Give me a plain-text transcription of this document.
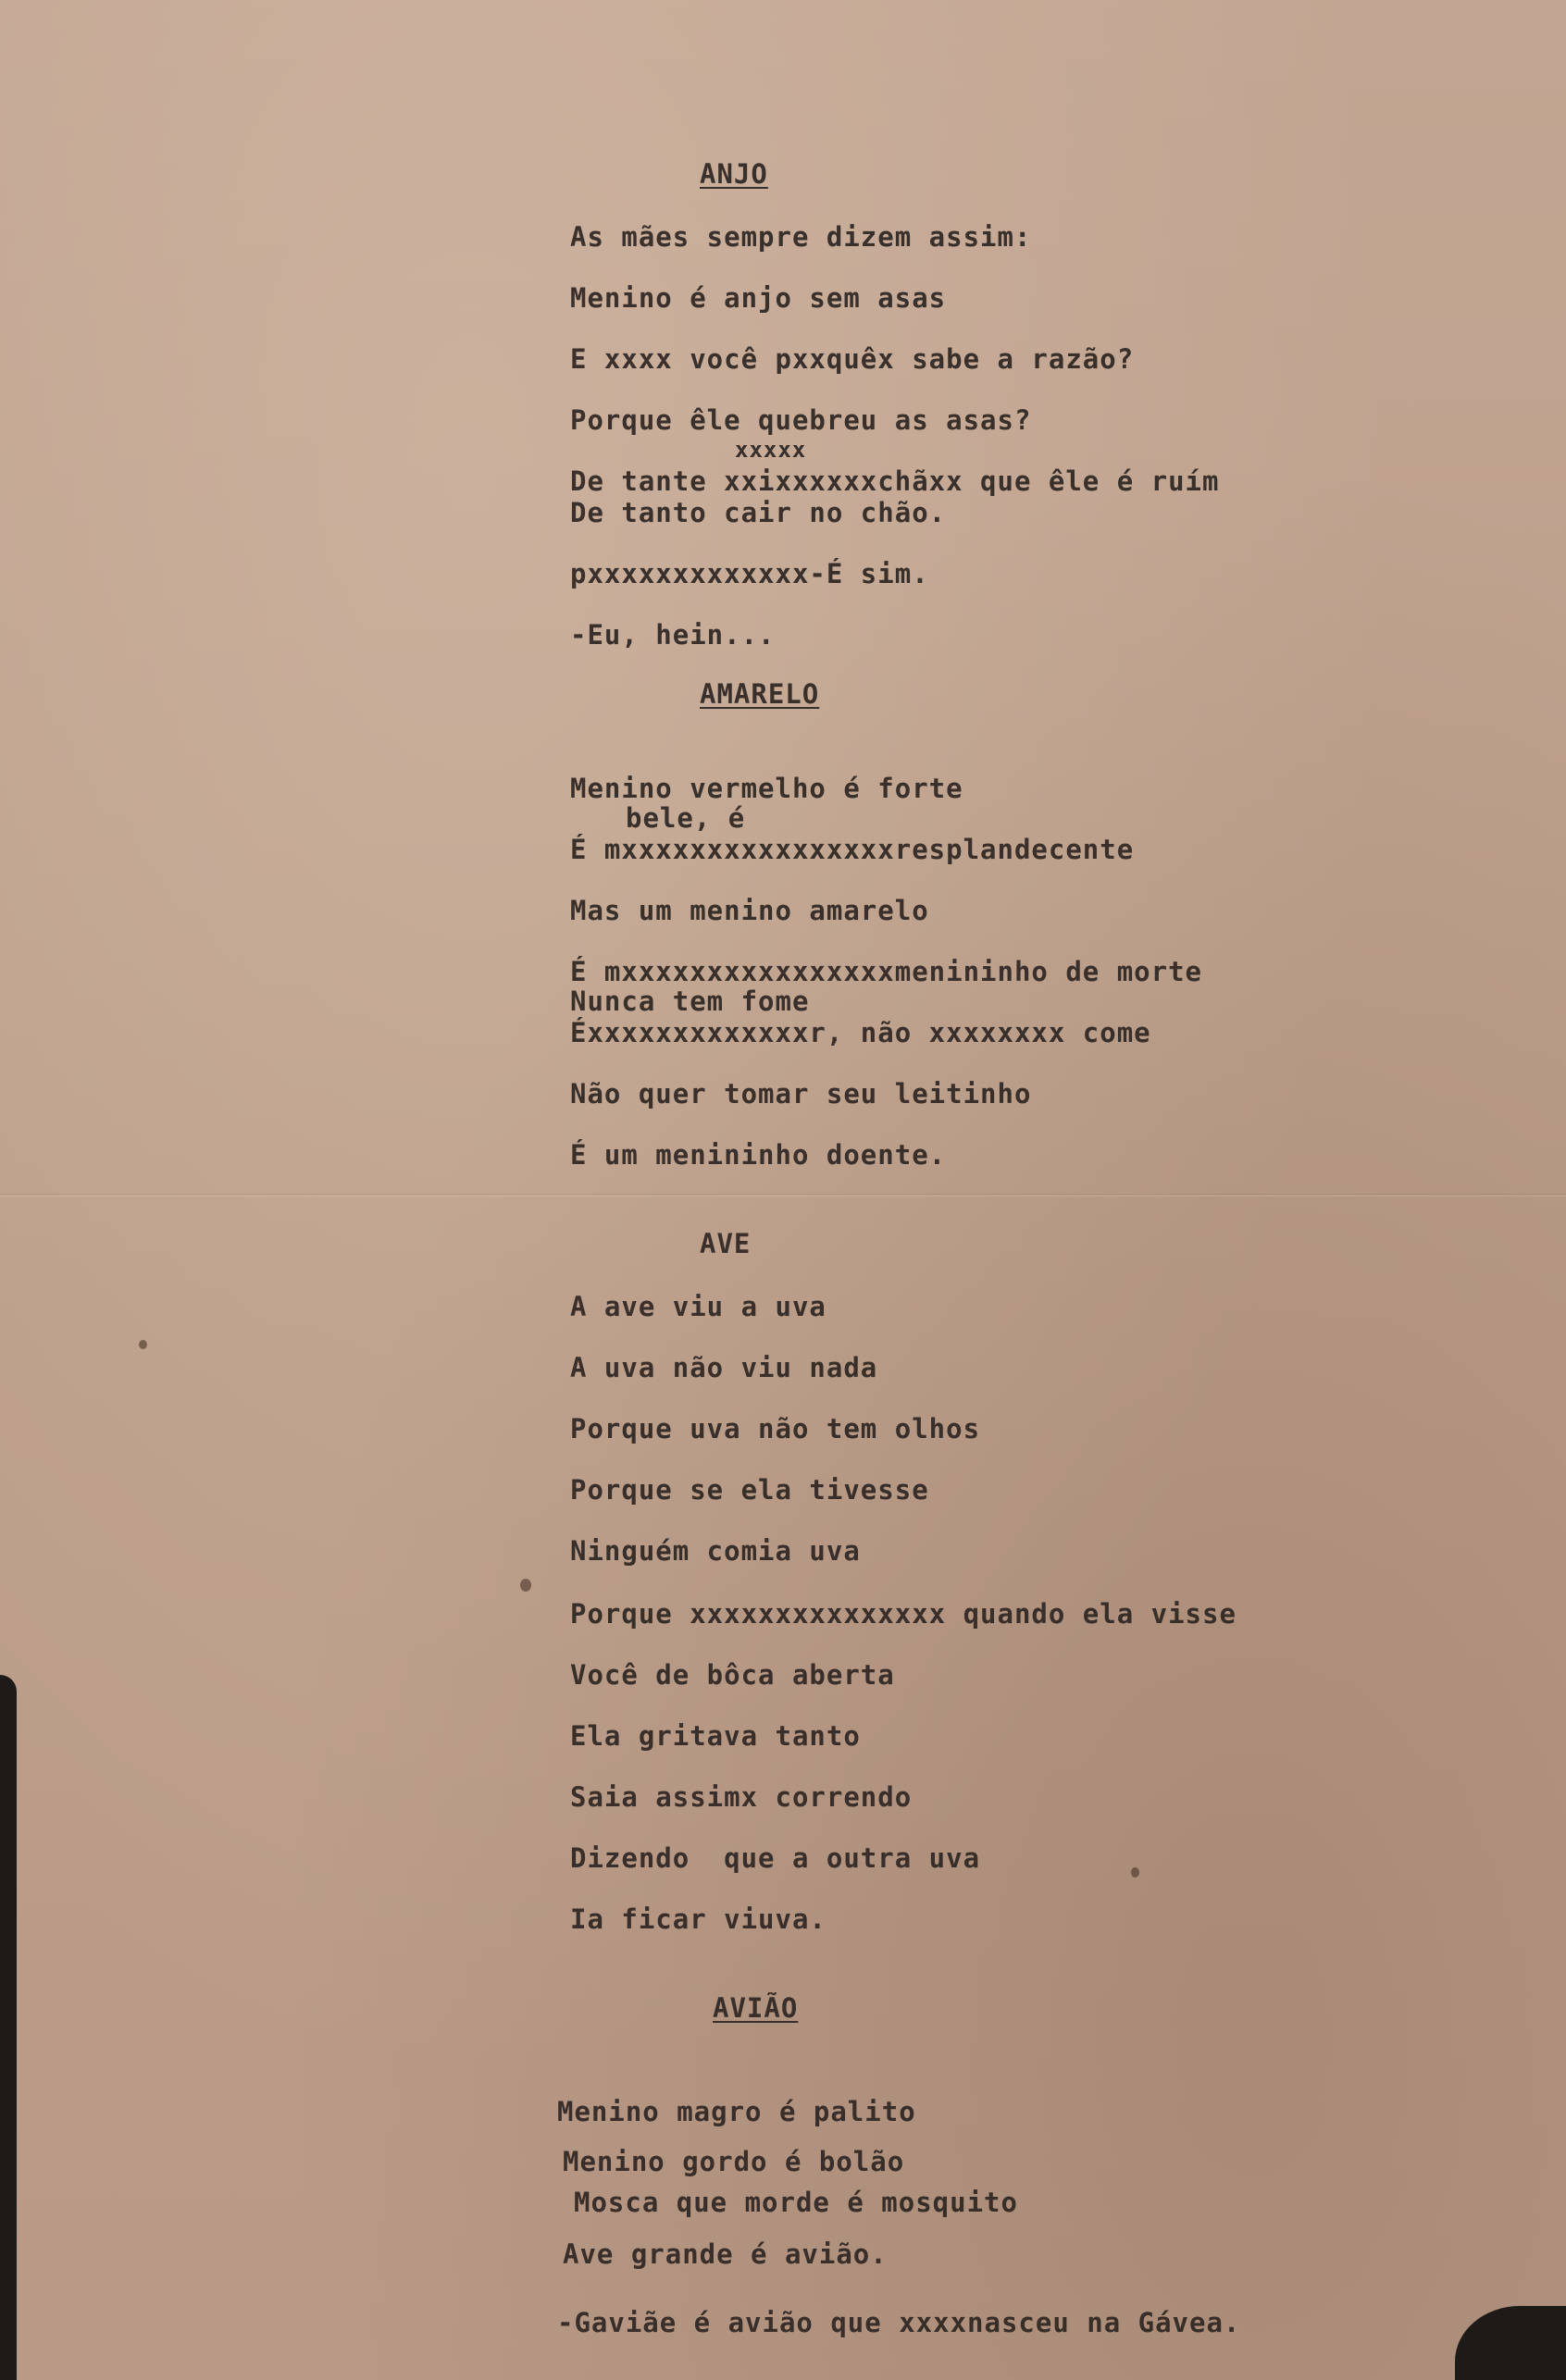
ANJO
As mães sempre dizem assim:
Menino é anjo sem asas
E xxxx você pxxquêx sabe a razão?
Porque êle quebreu as asas?
xxxxx
De tante xxixxxxxxchãxx que êle é ruím
De tanto cair no chão.
pxxxxxxxxxxxxx-É sim.
-Eu, hein...
AMARELO
Menino vermelho é forte
bele, é
É mxxxxxxxxxxxxxxxxresplandecente
Mas um menino amarelo
É mxxxxxxxxxxxxxxxxmenininho de morte
Nunca tem fome
Éxxxxxxxxxxxxxr, não xxxxxxxx come
Não quer tomar seu leitinho
É um menininho doente.
AVE
A ave viu a uva
A uva não viu nada
Porque uva não tem olhos
Porque se ela tivesse
Ninguém comia uva
Porque xxxxxxxxxxxxxxx quando ela visse
Você de bôca aberta
Ela gritava tanto
Saia assimx correndo
Dizendo  que a outra uva
Ia ficar viuva.
AVIÃO
Menino magro é palito
Menino gordo é bolão
Mosca que morde é mosquito
Ave grande é avião.
-Gaviãe é avião que xxxxnasceu na Gávea.
